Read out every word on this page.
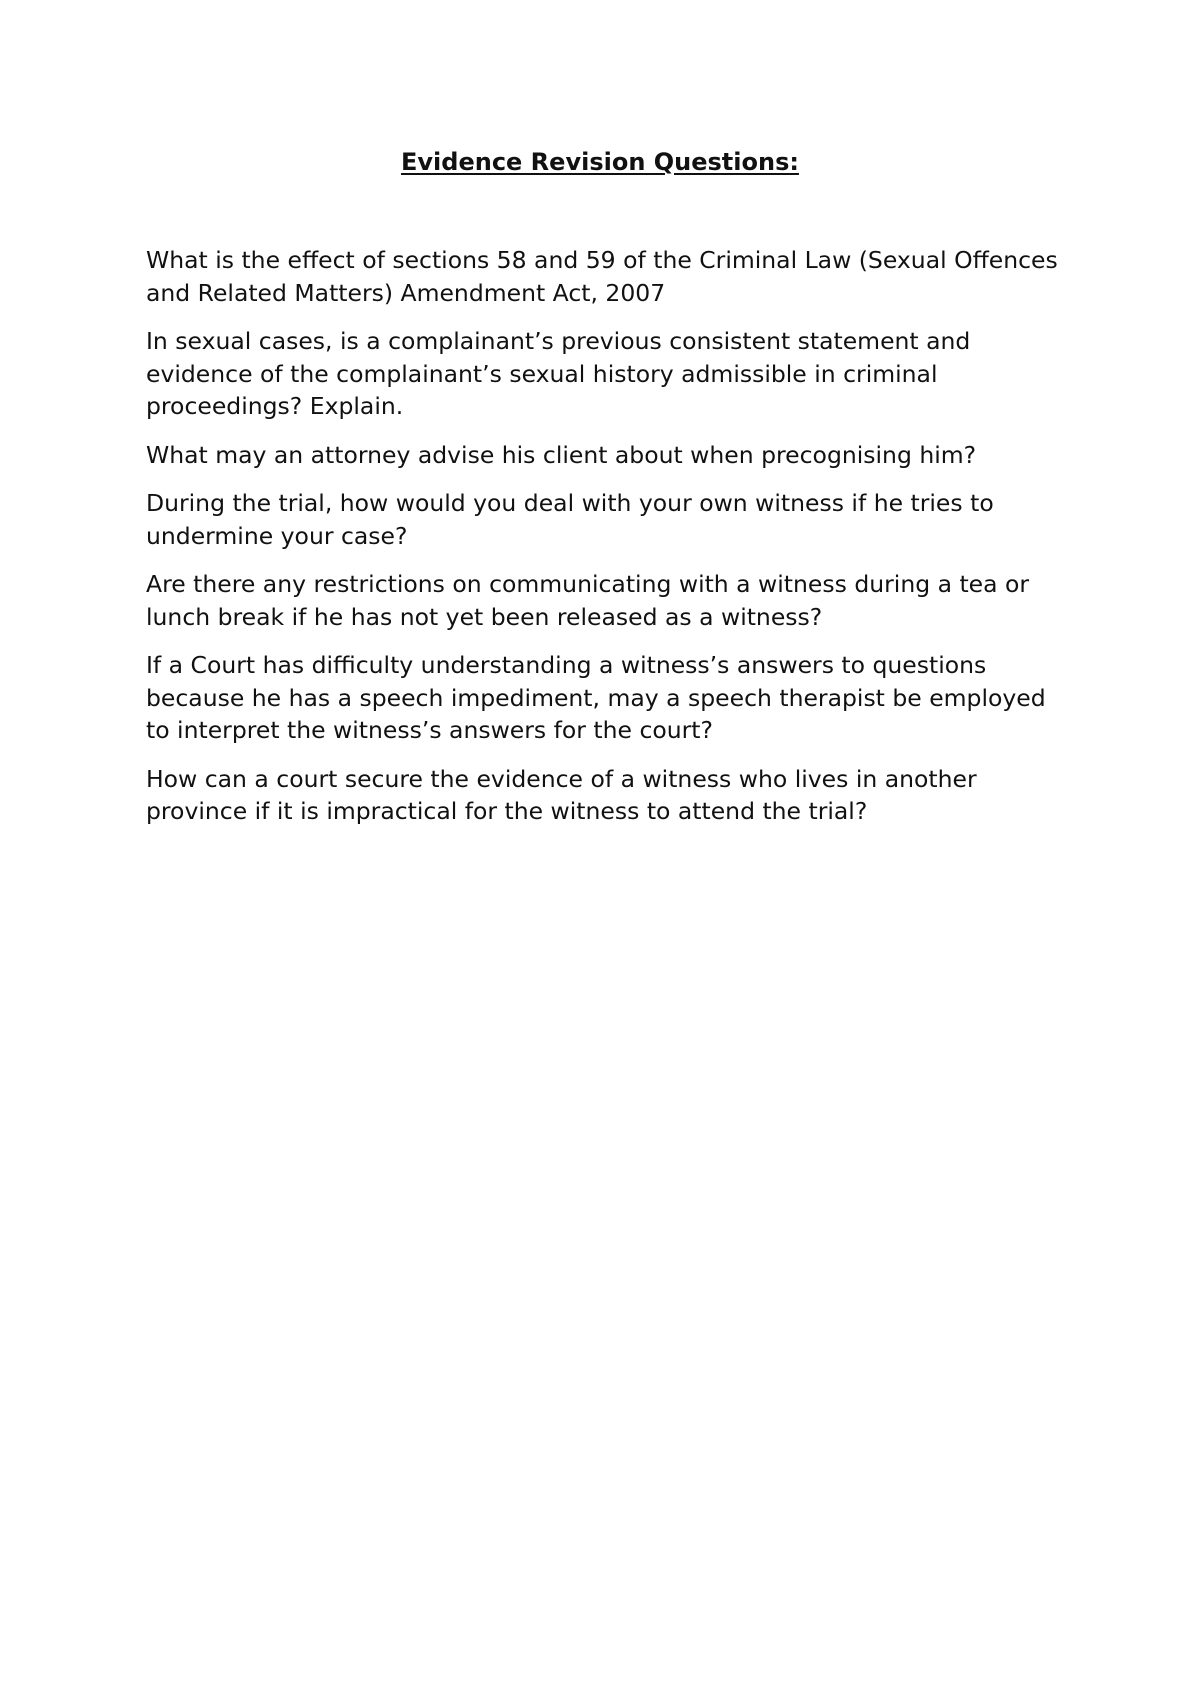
Evidence Revision Questions:

What is the effect of sections 58 and 59 of the Criminal Law (Sexual Offences and Related Matters) Amendment Act, 2007

In sexual cases, is a complainant’s previous consistent statement and evidence of the complainant’s sexual history admissible in criminal proceedings? Explain.

What may an attorney advise his client about when precognising him?

During the trial, how would you deal with your own witness if he tries to undermine your case?

Are there any restrictions on communicating with a witness during a tea or lunch break if he has not yet been released as a witness?

If a Court has difficulty understanding a witness’s answers to questions because he has a speech impediment, may a speech therapist be employed to interpret the witness’s answers for the court?

How can a court secure the evidence of a witness who lives in another province if it is impractical for the witness to attend the trial?
